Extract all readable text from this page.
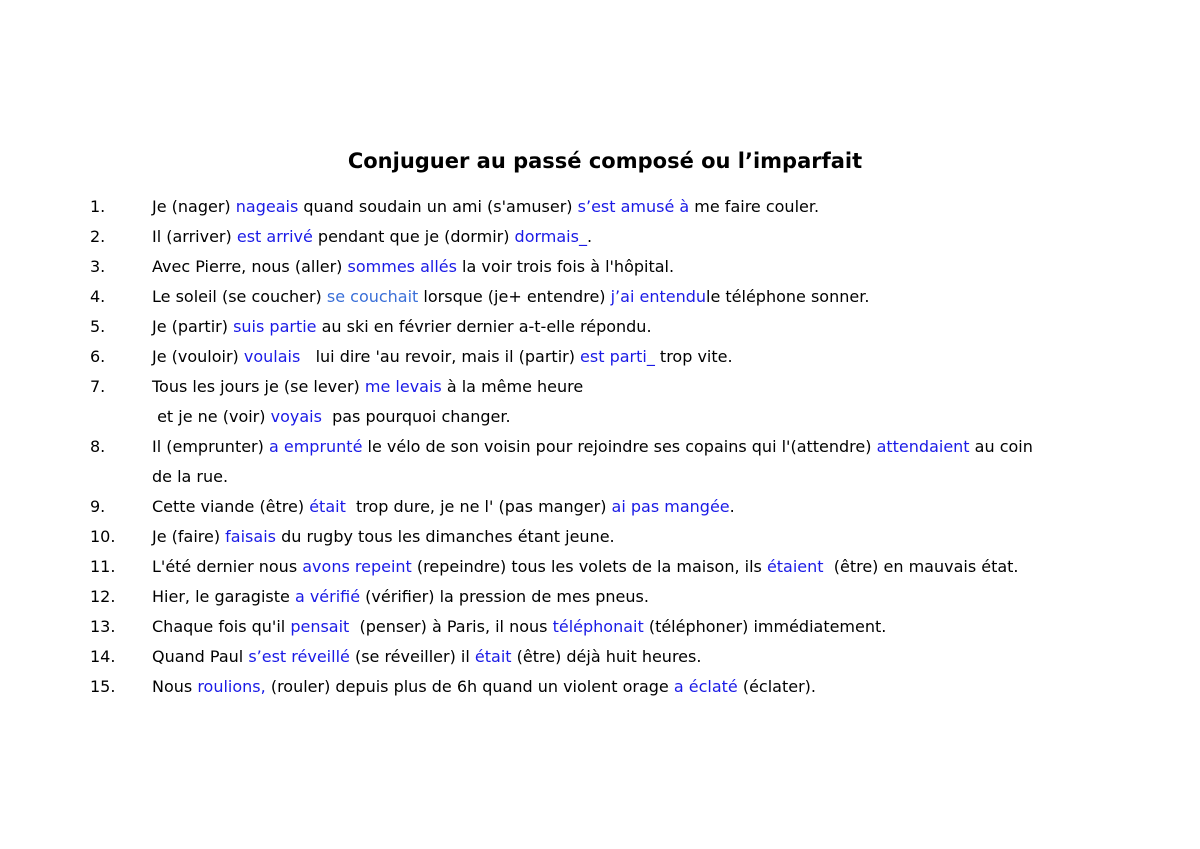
Conjuguer au passé composé ou l’imparfait
1.	Je (nager) nageais quand soudain un ami (s'amuser) s’est amusé à me faire couler.
2.	Il (arriver) est arrivé pendant que je (dormir) dormais_.
3.	Avec Pierre, nous (aller) sommes allés la voir trois fois à l'hôpital.
4.	Le soleil (se coucher) se couchait lorsque (je+ entendre) j’ai entendule téléphone sonner.
5.	Je (partir) suis partie au ski en février dernier a-t-elle répondu.
6.	Je (vouloir) voulais   lui dire 'au revoir, mais il (partir) est parti_ trop vite.
7.	Tous les jours je (se lever) me levais à la même heure
et je ne (voir) voyais  pas pourquoi changer.
8.	Il (emprunter) a emprunté le vélo de son voisin pour rejoindre ses copains qui l'(attendre) attendaient au coin
de la rue.
9.	Cette viande (être) était  trop dure, je ne l' (pas manger) ai pas mangée.
10. Je (faire) faisais du rugby tous les dimanches étant jeune.
11. L'été dernier nous avons repeint (repeindre) tous les volets de la maison, ils étaient  (être) en mauvais état.
12. Hier, le garagiste a vérifié (vérifier) la pression de mes pneus.
13. Chaque fois qu'il pensait  (penser) à Paris, il nous téléphonait (téléphoner) immédiatement.
14. Quand Paul s’est réveillé (se réveiller) il était (être) déjà huit heures.
15. Nous roulions, (rouler) depuis plus de 6h quand un violent orage a éclaté (éclater).
